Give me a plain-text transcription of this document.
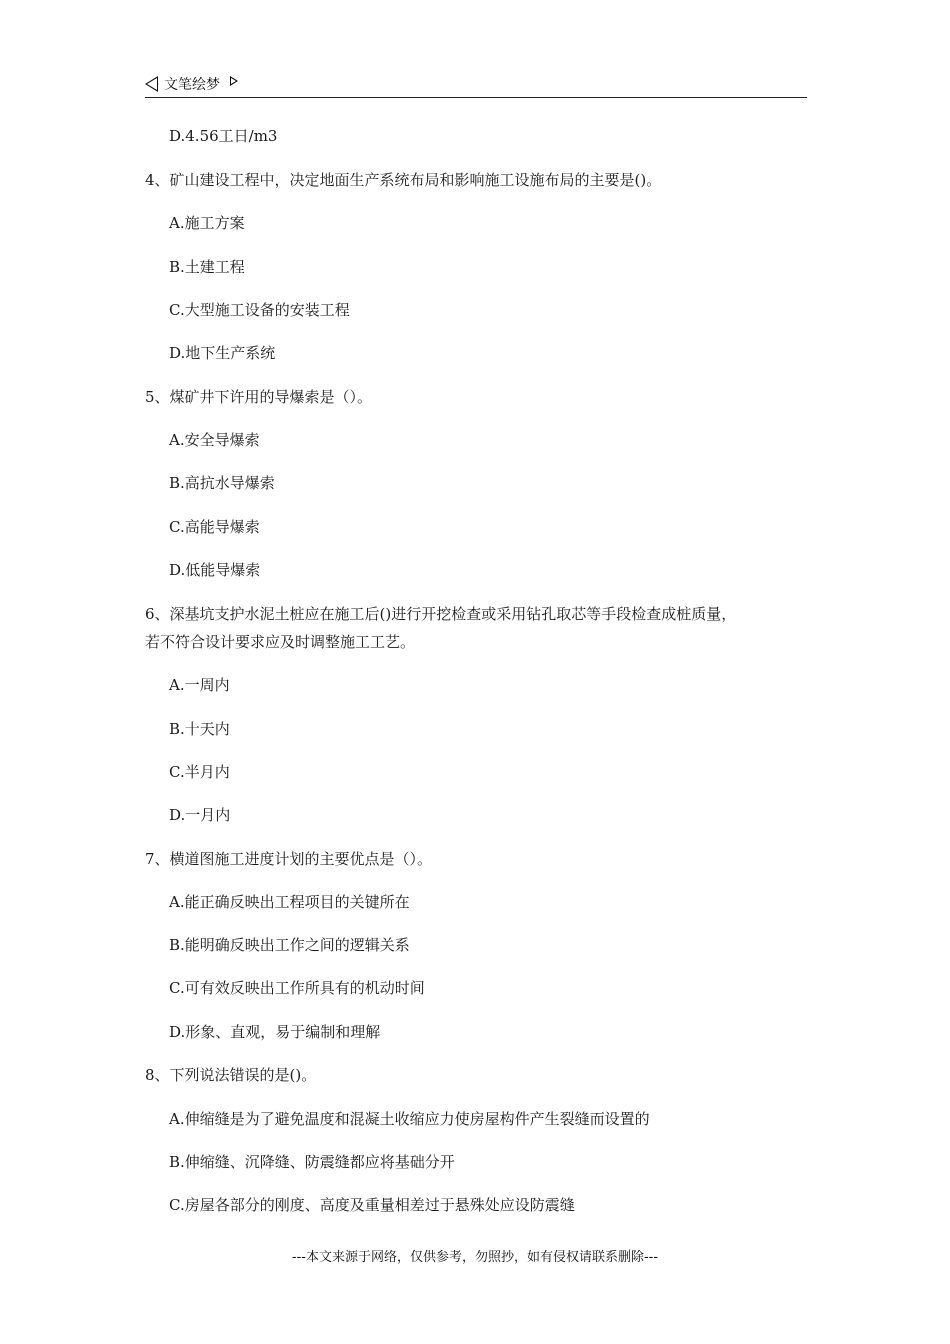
文笔绘梦
D.4.56工日/m3
4、矿山建设工程中，决定地面生产系统布局和影响施工设施布局的主要是()。
A.施工方案
B.土建工程
C.大型施工设备的安装工程
D.地下生产系统
5、煤矿井下许用的导爆索是（）。
A.安全导爆索
B.高抗水导爆索
C.高能导爆索
D.低能导爆索
6、深基坑支护水泥土桩应在施工后()进行开挖检查或采用钻孔取芯等手段检查成桩质量，
若不符合设计要求应及时调整施工工艺。
A.一周内
B.十天内
C.半月内
D.一月内
7、横道图施工进度计划的主要优点是（）。
A.能正确反映出工程项目的关键所在
B.能明确反映出工作之间的逻辑关系
C.可有效反映出工作所具有的机动时间
D.形象、直观，易于编制和理解
8、下列说法错误的是()。
A.伸缩缝是为了避免温度和混凝土收缩应力使房屋构件产生裂缝而设置的
B.伸缩缝、沉降缝、防震缝都应将基础分开
C.房屋各部分的刚度、高度及重量相差过于悬殊处应设防震缝
---本文来源于网络，仅供参考，勿照抄，如有侵权请联系删除---
